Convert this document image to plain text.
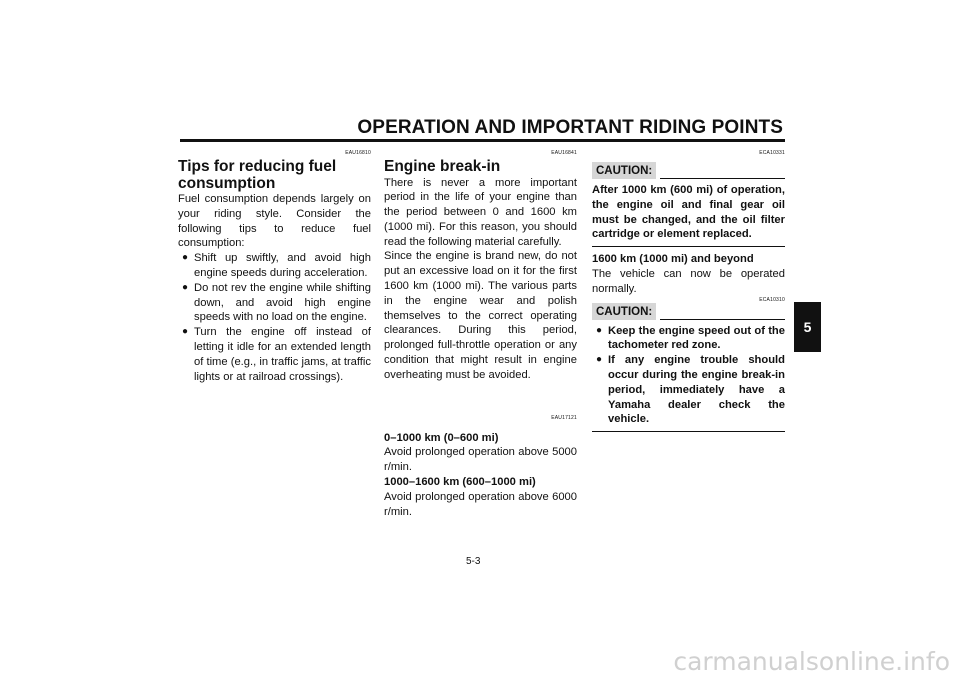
OPERATION AND IMPORTANT RIDING POINTS
5
EAU16810
Tips for reducing fuel consumption
Fuel consumption depends largely on your riding style. Consider the following tips to reduce fuel consumption:
● Shift up swiftly, and avoid high engine speeds during acceleration.
● Do not rev the engine while shifting down, and avoid high engine speeds with no load on the engine.
● Turn the engine off instead of letting it idle for an extended length of time (e.g., in traffic jams, at traffic lights or at railroad crossings).
EAU16841
Engine break-in
There is never a more important period in the life of your engine than the period between 0 and 1600 km (1000 mi). For this reason, you should read the following material carefully.
Since the engine is brand new, do not put an excessive load on it for the first 1600 km (1000 mi). The various parts in the engine wear and polish themselves to the correct operating clearances. During this period, prolonged full-throttle operation or any condition that might result in engine overheating must be avoided.
EAU17121
0–1000 km (0–600 mi)
Avoid prolonged operation above 5000 r/min.
1000–1600 km (600–1000 mi)
Avoid prolonged operation above 6000 r/min.
ECA10331
CAUTION:
After 1000 km (600 mi) of operation, the engine oil and final gear oil must be changed, and the oil filter cartridge or element replaced.
1600 km (1000 mi) and beyond
The vehicle can now be operated normally.
ECA10310
CAUTION:
● Keep the engine speed out of the tachometer red zone.
● If any engine trouble should occur during the engine break-in period, immediately have a Yamaha dealer check the vehicle.
5-3
carmanualsonline.info
